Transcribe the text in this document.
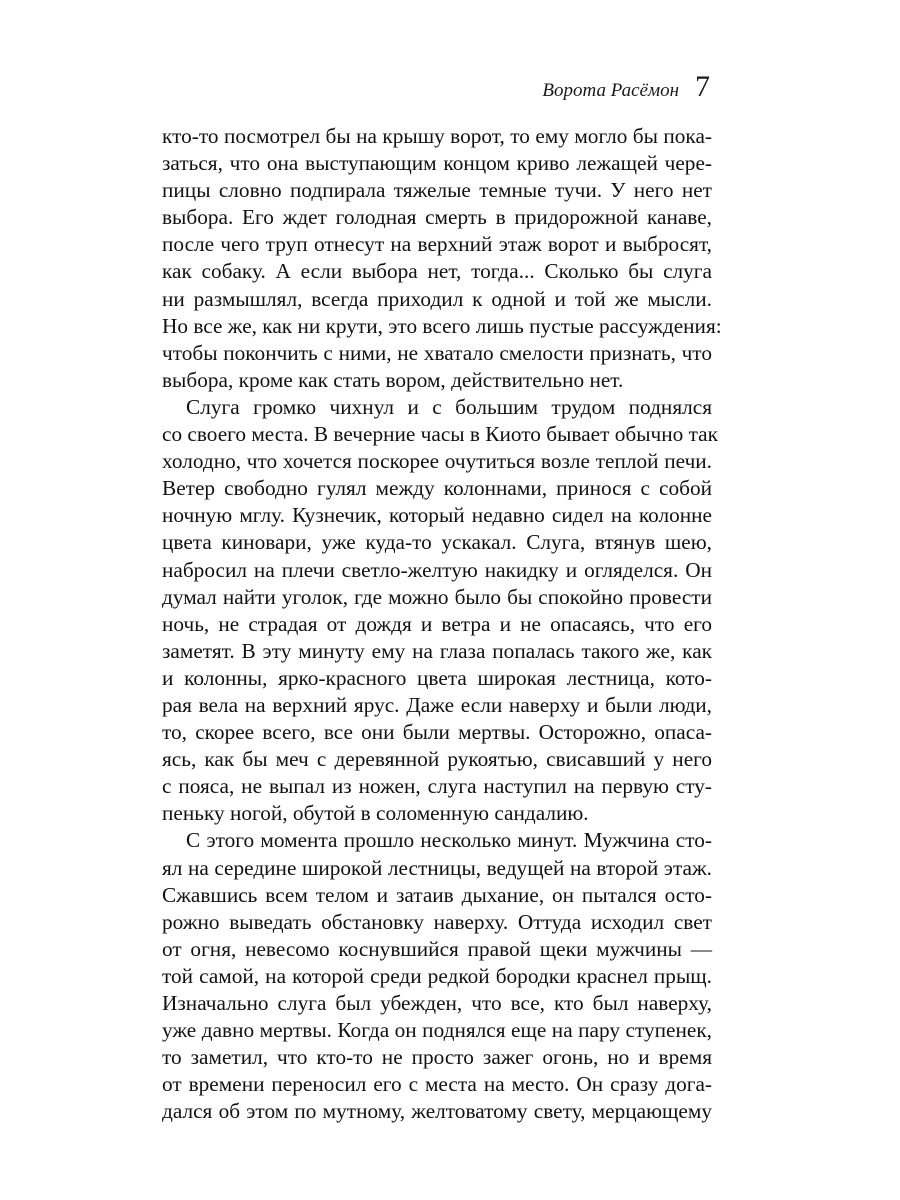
Ворота Расёмон 7
кто-то посмотрел бы на крышу ворот, то ему могло бы пока-
заться, что она выступающим концом криво лежащей чере-
пицы словно подпирала тяжелые темные тучи. У него нет
выбора. Его ждет голодная смерть в придорожной канаве,
после чего труп отнесут на верхний этаж ворот и выбросят,
как собаку. А если выбора нет, тогда... Сколько бы слуга
ни размышлял, всегда приходил к одной и той же мысли.
Но все же, как ни крути, это всего лишь пустые рассуждения:
чтобы покончить с ними, не хватало смелости признать, что
выбора, кроме как стать вором, действительно нет.
Слуга громко чихнул и с большим трудом поднялся
со своего места. В вечерние часы в Киото бывает обычно так
холодно, что хочется поскорее очутиться возле теплой печи.
Ветер свободно гулял между колоннами, принося с собой
ночную мглу. Кузнечик, который недавно сидел на колонне
цвета киновари, уже куда-то ускакал. Слуга, втянув шею,
набросил на плечи светло-желтую накидку и огляделся. Он
думал найти уголок, где можно было бы спокойно провести
ночь, не страдая от дождя и ветра и не опасаясь, что его
заметят. В эту минуту ему на глаза попалась такого же, как
и колонны, ярко-красного цвета широкая лестница, кото-
рая вела на верхний ярус. Даже если наверху и были люди,
то, скорее всего, все они были мертвы. Осторожно, опаса-
ясь, как бы меч с деревянной рукоятью, свисавший у него
с пояса, не выпал из ножен, слуга наступил на первую сту-
пеньку ногой, обутой в соломенную сандалию.
С этого момента прошло несколько минут. Мужчина сто-
ял на середине широкой лестницы, ведущей на второй этаж.
Сжавшись всем телом и затаив дыхание, он пытался осто-
рожно выведать обстановку наверху. Оттуда исходил свет
от огня, невесомо коснувшийся правой щеки мужчины —
той самой, на которой среди редкой бородки краснел прыщ.
Изначально слуга был убежден, что все, кто был наверху,
уже давно мертвы. Когда он поднялся еще на пару ступенек,
то заметил, что кто-то не просто зажег огонь, но и время
от времени переносил его с места на место. Он сразу дога-
дался об этом по мутному, желтоватому свету, мерцающему
